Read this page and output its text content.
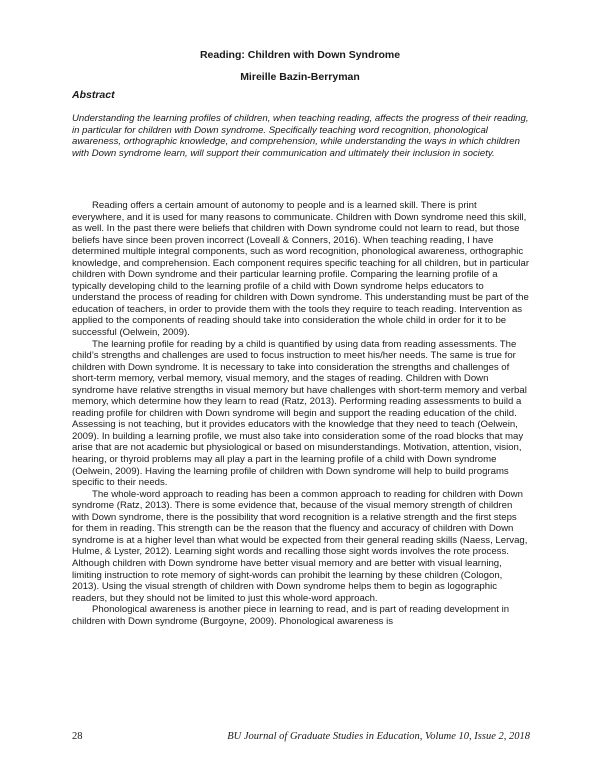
Reading: Children with Down Syndrome
Mireille Bazin-Berryman
Abstract
Understanding the learning profiles of children, when teaching reading, affects the progress of their reading, in particular for children with Down syndrome. Specifically teaching word recognition, phonological awareness, orthographic knowledge, and comprehension, while understanding the ways in which children with Down syndrome learn, will support their communication and ultimately their inclusion in society.

Reading offers a certain amount of autonomy to people and is a learned skill. There is print everywhere, and it is used for many reasons to communicate. Children with Down syndrome need this skill, as well. In the past there were beliefs that children with Down syndrome could not learn to read, but those beliefs have since been proven incorrect (Loveall & Conners, 2016). When teaching reading, I have determined multiple integral components, such as word recognition, phonological awareness, orthographic knowledge, and comprehension. Each component requires specific teaching for all children, but in particular children with Down syndrome and their particular learning profile. Comparing the learning profile of a typically developing child to the learning profile of a child with Down syndrome helps educators to understand the process of reading for children with Down syndrome. This understanding must be part of the education of teachers, in order to provide them with the tools they require to teach reading. Intervention as applied to the components of reading should take into consideration the whole child in order for it to be successful (Oelwein, 2009).

The learning profile for reading by a child is quantified by using data from reading assessments. The child’s strengths and challenges are used to focus instruction to meet his/her needs. The same is true for children with Down syndrome. It is necessary to take into consideration the strengths and challenges of short-term memory, verbal memory, visual memory, and the stages of reading. Children with Down syndrome have relative strengths in visual memory but have challenges with short-term memory and verbal memory, which determine how they learn to read (Ratz, 2013). Performing reading assessments to build a reading profile for children with Down syndrome will begin and support the reading education of the child. Assessing is not teaching, but it provides educators with the knowledge that they need to teach (Oelwein, 2009). In building a learning profile, we must also take into consideration some of the road blocks that may arise that are not academic but physiological or based on misunderstandings. Motivation, attention, vision, hearing, or thyroid problems may all play a part in the learning profile of a child with Down syndrome (Oelwein, 2009). Having the learning profile of children with Down syndrome will help to build programs specific to their needs.

The whole-word approach to reading has been a common approach to reading for children with Down syndrome (Ratz, 2013). There is some evidence that, because of the visual memory strength of children with Down syndrome, there is the possibility that word recognition is a relative strength and the first steps for them in reading. This strength can be the reason that the fluency and accuracy of children with Down syndrome is at a higher level than what would be expected from their general reading skills (Naess, Lervag, Hulme, & Lyster, 2012). Learning sight words and recalling those sight words involves the rote process. Although children with Down syndrome have better visual memory and are better with visual learning, limiting instruction to rote memory of sight-words can prohibit the learning by these children (Cologon, 2013). Using the visual strength of children with Down syndrome helps them to begin as logographic readers, but they should not be limited to just this whole-word approach.

Phonological awareness is another piece in learning to read, and is part of reading development in children with Down syndrome (Burgoyne, 2009). Phonological awareness is

28	BU Journal of Graduate Studies in Education, Volume 10, Issue 2, 2018
